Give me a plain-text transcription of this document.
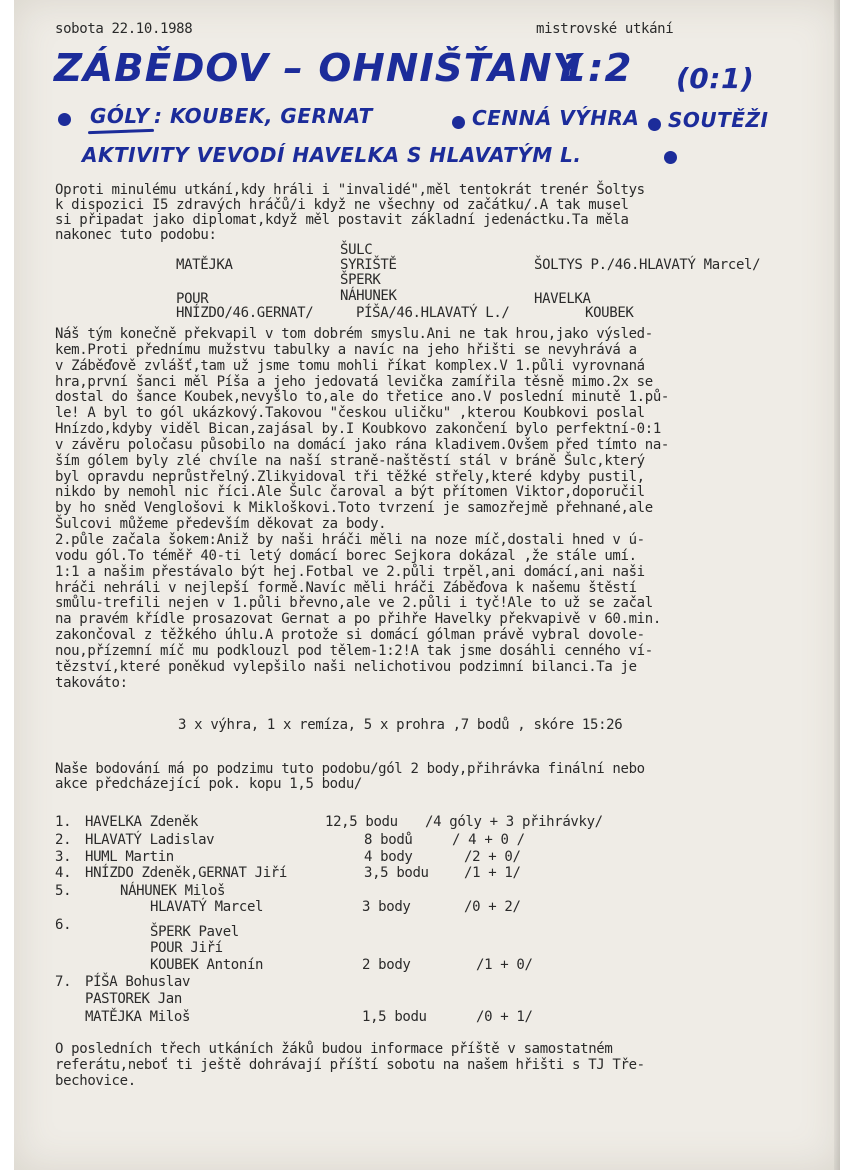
sobota 22.10.1988	mistrovské utkání
ZÁBĚDOV – OHNIŠŤANY
1:2 (0:1)
GÓLY : KOUBEK, GERNAT	CENNÁ VÝHRA SOUTĚŽI
AKTIVITY VEVODÍ HAVELKA S HLAVATÝM L.
Oproti minulému utkání,kdy hráli i "invalidé",měl tentokrát trenér Šoltys
k dispozici I5 zdravých hráčů/i když ne všechny od začátku/.A tak musel
si připadat jako diplomat,když měl postavit základní jedenáctku.Ta měla
nakonec tuto podobu:
ŠULC
MATĚJKA	SYRIŠTĚ	ŠOLTYS P./46.HLAVATÝ Marcel/
ŠPERK
POUR	NÁHUNEK	HAVELKA
HNÍZDO/46.GERNAT/	PÍŠA/46.HLAVATÝ L./	KOUBEK
Náš tým konečně překvapil v tom dobrém smyslu.Ani ne tak hrou,jako výsled-
kem.Proti přednímu mužstvu tabulky a navíc na jeho hřišti se nevyhrává a
v Záběďově zvlášť,tam už jsme tomu mohli říkat komplex.V 1.půli vyrovnaná
hra,první šanci měl Píša a jeho jedovatá levička zamířila těsně mimo.2x se
dostal do šance Koubek,nevyšlo to,ale do třetice ano.V poslední minutě 1.pů-
le! A byl to gól ukázkový.Takovou "českou uličku" ,kterou Koubkovi poslal
Hnízdo,kdyby viděl Bican,zajásal by.I Koubkovo zakončení bylo perfektní-0:1
v závěru poločasu působilo na domácí jako rána kladivem.Ovšem před tímto na-
ším gólem byly zlé chvíle na naší straně-naštěstí stál v bráně Šulc,který
byl opravdu neprůstřelný.Zlikvidoval tři těžké střely,které kdyby pustil,
nikdo by nemohl nic říci.Ale Šulc čaroval a být přítomen Viktor,doporučil
by ho sněd Venglošovi k Mikloškovi.Toto tvrzení je samozřejmě přehnané,ale
Šulcovi můžeme především děkovat za body.
2.půle začala šokem:Aniž by naši hráči měli na noze míč,dostali hned v ú-
vodu gól.To téměř 40-ti letý domácí borec Sejkora dokázal ,že stále umí.
1:1 a našim přestávalo být hej.Fotbal ve 2.půli trpěl,ani domácí,ani naši
hráči nehráli v nejlepší formě.Navíc měli hráči Záběďova k našemu štěstí
smůlu-trefili nejen v 1.půli břevno,ale ve 2.půli i tyč!Ale to už se začal
na pravém křídle prosazovat Gernat a po přihře Havelky překvapivě v 60.min.
zakončoval z těžkého úhlu.A protože si domácí gólman právě vybral dovole-
nou,přízemní míč mu podklouzl pod tělem-1:2!A tak jsme dosáhli cenného ví-
tězství,které poněkud vylepšilo naši nelichotivou podzimní bilanci.Ta je
takováto:
3 x výhra, 1 x remíza, 5 x prohra ,7 bodů , skóre 15:26
Naše bodování má po podzimu tuto podobu/gól 2 body,přihrávka finální nebo
akce předcházející pok. kopu 1,5 bodu/
1. HAVELKA Zdeněk	12,5 bodu /4 góly + 3 přihrávky/
2. HLAVATÝ Ladislav	8 bodů	/ 4 + 0 /
3. HUML Martin	4 body	/2 + 0/
4. HNÍZDO Zdeněk,GERNAT Jiří	3,5 bodu	/1 + 1/
5.	NÁHUNEK Miloš
HLAVATÝ Marcel	3 body	/0 + 2/
6.	ŠPERK Pavel
POUR Jiří
KOUBEK Antonín	2 body	/1 + 0/
7. PÍŠA Bohuslav
PASTOREK Jan
MATĚJKA Miloš	1,5 bodu	/0 + 1/
O posledních třech utkáních žáků budou informace příště v samostatném
referátu,neboť ti ještě dohrávají příští sobotu na našem hřišti s TJ Tře-
bechovice.
